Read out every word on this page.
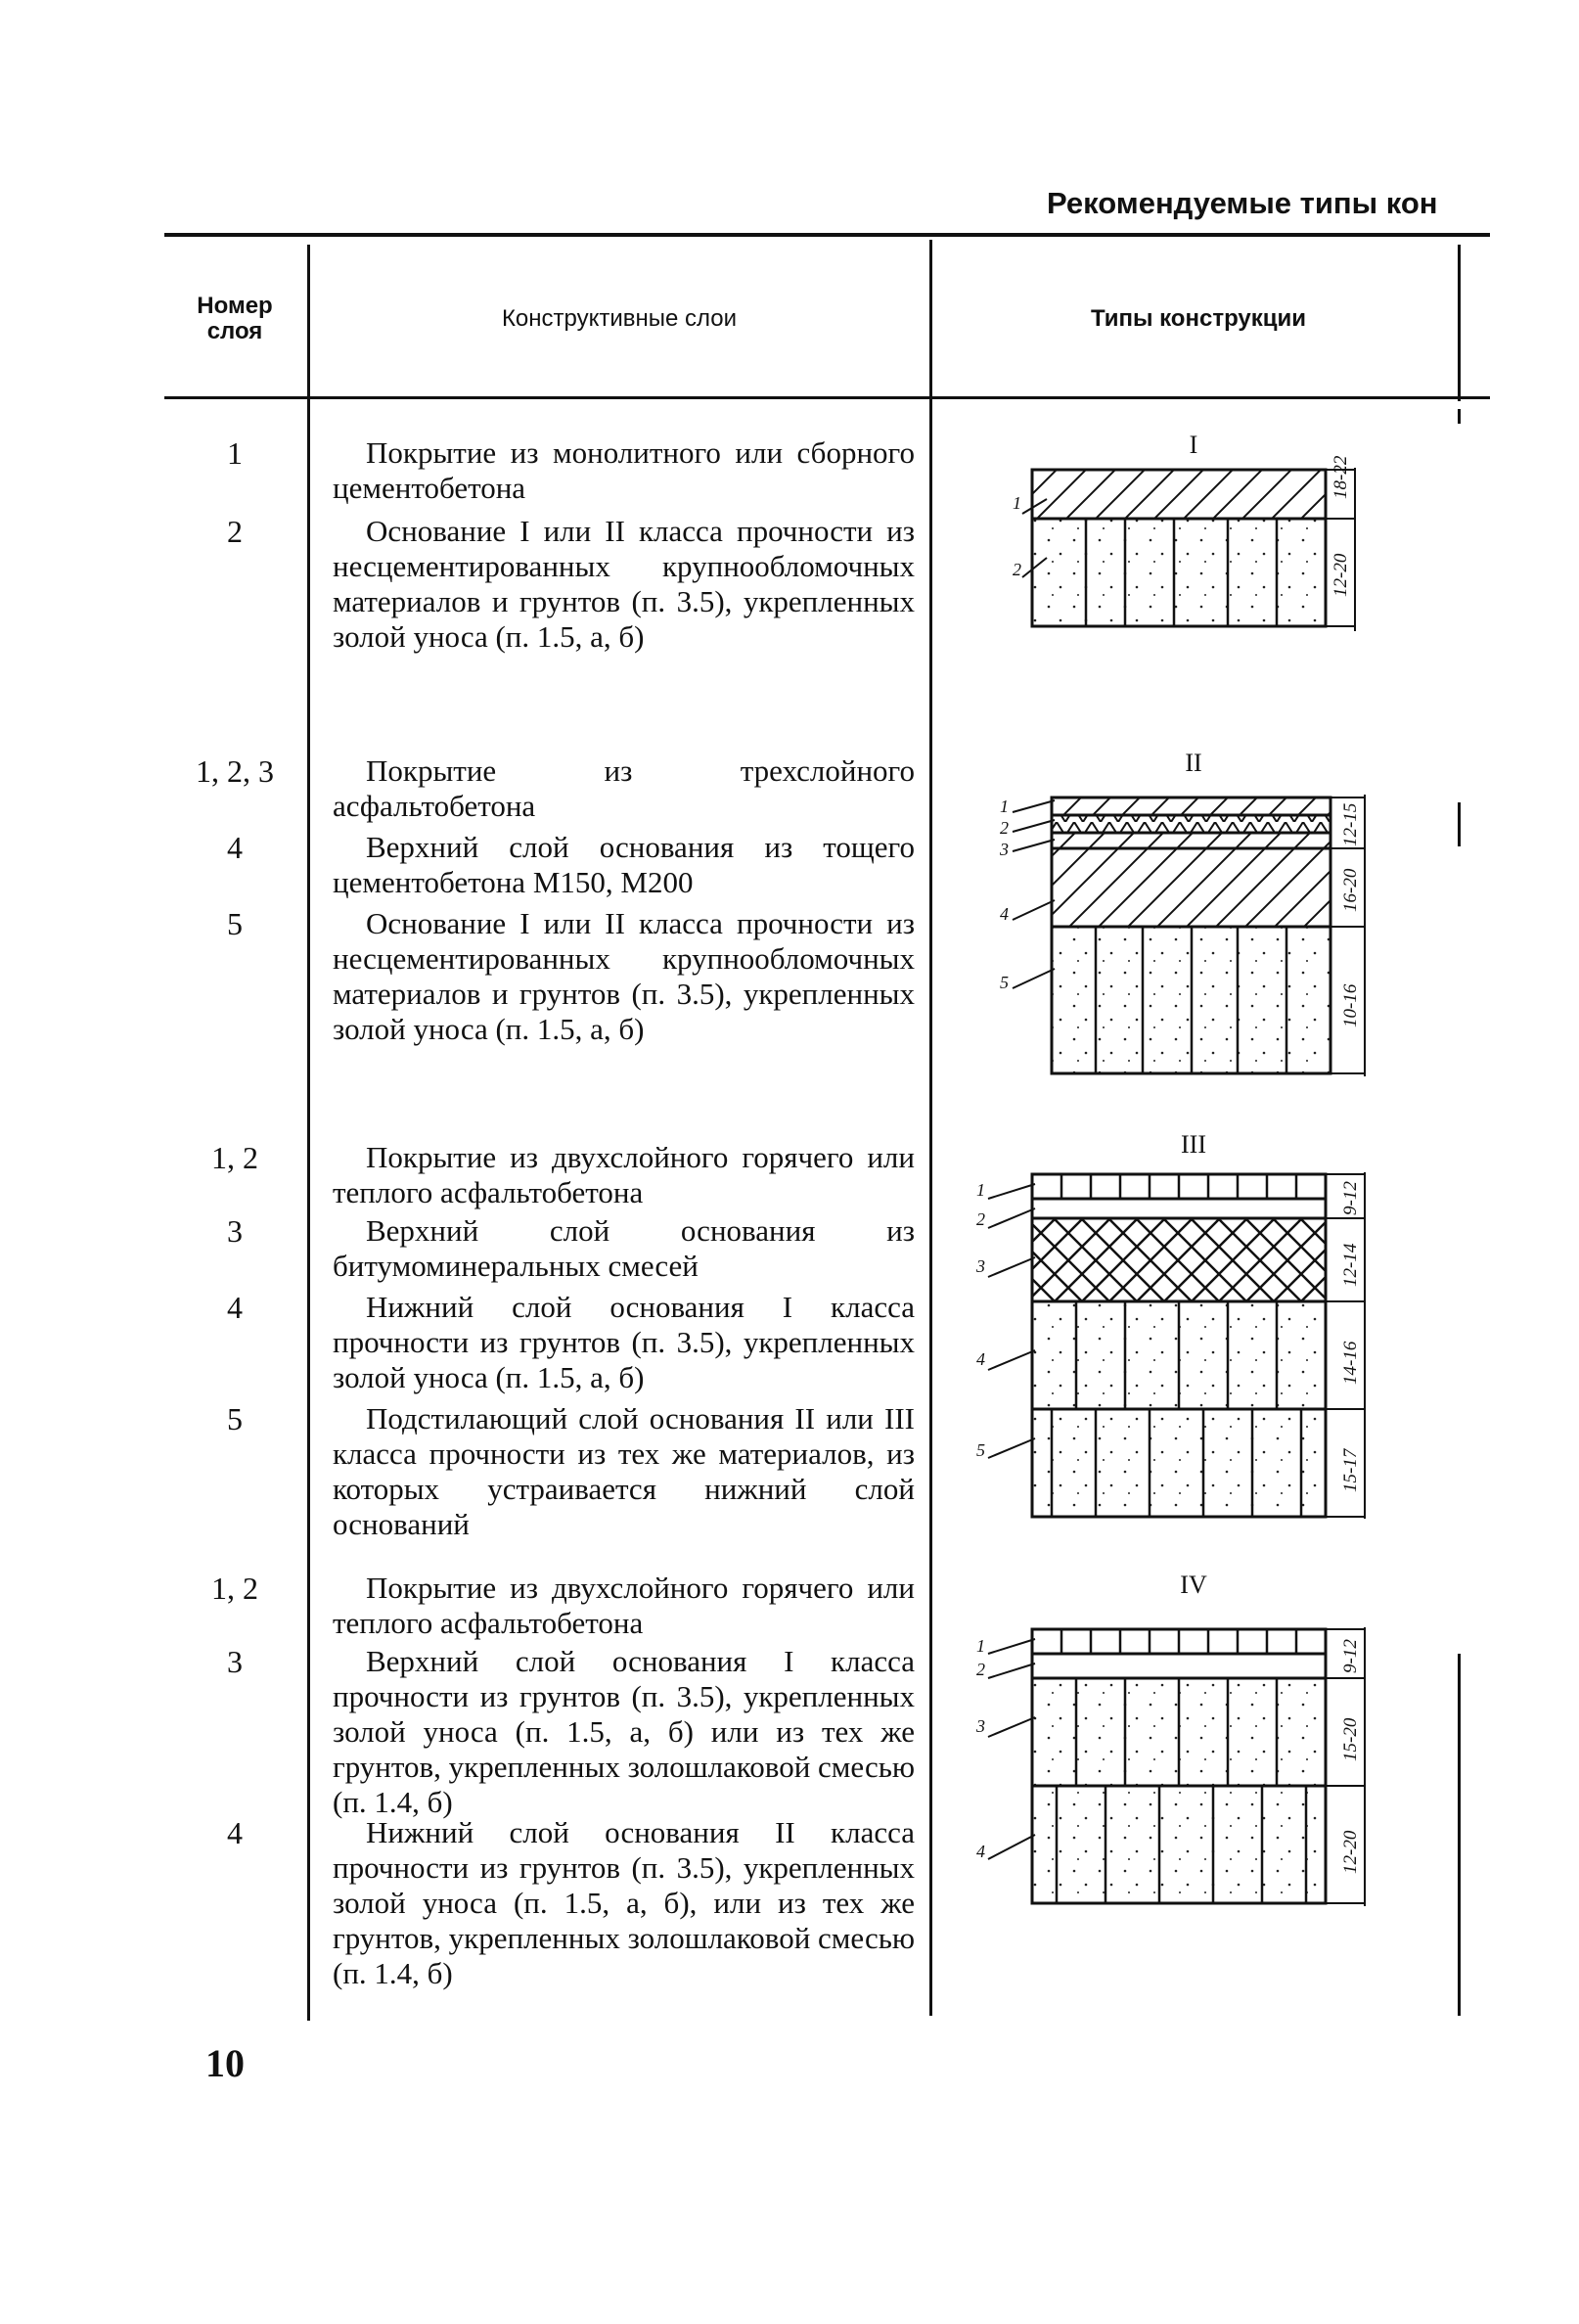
Рекомендуемые типы кон
Номер слоя	Конструктивные слои	Типы конструкции
1
2
Покрытие из монолитного или сборного цементобетона
Основание I или II класса прочности из несцементированных крупнообломочных материалов и грунтов (п. 3.5), укрепленных золой уноса (п. 1.5, а, б)
I
1, 2, 3
4
5
Покрытие из трехслойного асфальтобетона
Верхний слой основания из тощего цементобетона М150, М200
Основание I или II класса прочности из несцементированных крупнообломочных материалов и грунтов (п. 3.5), укрепленных золой уноса (п. 1.5, а, б)
II
1, 2
3
4
5
Покрытие из двухслойного горячего или теплого асфальтобетона
Верхний слой основания из битумоминеральных смесей
Нижний слой основания I класса прочности из грунтов (п. 3.5), укрепленных золой уноса (п. 1.5, а, б)
Подстилающий слой основания II или III класса прочности из тех же материалов, из которых устраивается нижний слой оснований
III
1, 2
3
4
Покрытие из двухслойного горячего или теплого асфальтобетона
Верхний слой основания I класса прочности из грунтов (п. 3.5), укрепленных золой уноса (п. 1.5, а, б) или из тех же грунтов, укрепленных золошлаковой смесью (п. 1.4, б)
Нижний слой основания II класса прочности из грунтов (п. 3.5), укрепленных золой уноса (п. 1.5, а, б), или из тех же грунтов, укрепленных золошлаковой смесью (п. 1.4, б)
IV
10
18-22
12-20
12-15
16-20
10-16
9-12
12-14
14-16
15-17
9-12
15-20
12-20
1
2
1
2
3
4
5
1
2
3
4
5
1
2
3
4
